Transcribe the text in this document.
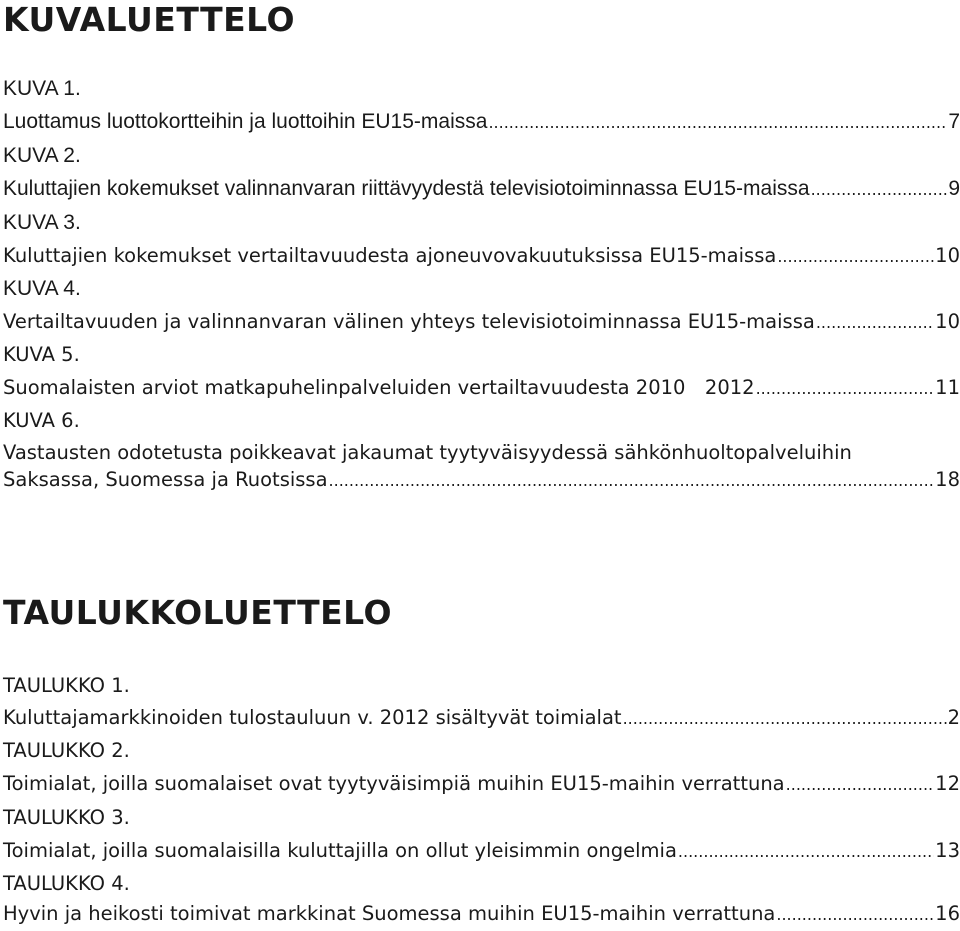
KUVALUETTELO
KUVA 1.
Luottamus luottokortteihin ja luottoihin EU15-maissa .....	7
KUVA 2.
Kuluttajien kokemukset valinnanvaran riittävyydestä televisiotoiminnassa EU15-maissa .....	9
KUVA 3.
Kuluttajien kokemukset vertailtavuudesta ajoneuvovakuutuksissa EU15-maissa .....	10
KUVA 4.
Vertailtavuuden ja valinnanvaran välinen yhteys televisiotoiminnassa EU15-maissa .....	10
KUVA 5.
Suomalaisten arviot matkapuhelinpalveluiden vertailtavuudesta 2010 2012 .....	11
KUVA 6.
Vastausten odotetusta poikkeavat jakaumat tyytyväisyydessä sähkönhuoltopalveluihin
Saksassa, Suomessa ja Ruotsissa .....	18
TAULUKKOLUETTELO
TAULUKKO 1.
Kuluttajamarkkinoiden tulostauluun v. 2012 sisältyvät toimialat .....	2
TAULUKKO 2.
Toimialat, joilla suomalaiset ovat tyytyväisimpiä muihin EU15-maihin verrattuna .....	12
TAULUKKO 3.
Toimialat, joilla suomalaisilla kuluttajilla on ollut yleisimmin ongelmia .....	13
TAULUKKO 4.
Hyvin ja heikosti toimivat markkinat Suomessa muihin EU15-maihin verrattuna .....	16
